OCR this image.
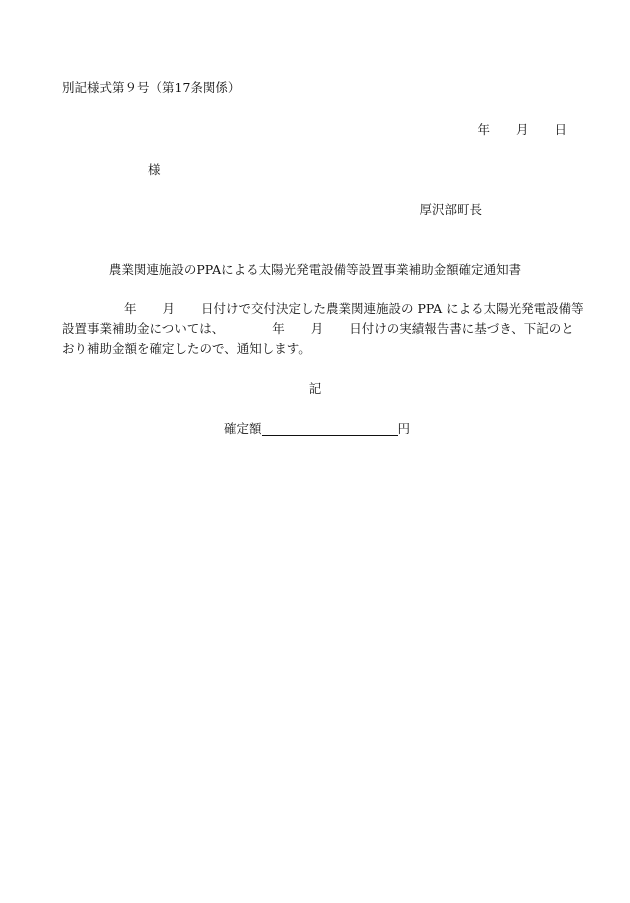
別記様式第９号（第17条関係）
年 月 日
様
厚沢部町長
農業関連施設のPPAによる太陽光発電設備等設置事業補助金額確定通知書
年 月 日付けで交付決定した農業関連施設の PPA による太陽光発電設備等
設置事業補助金については、	年 月 日付けの実績報告書に基づき、下記のと
おり補助金額を確定したので、通知します。
記
確定額	円
